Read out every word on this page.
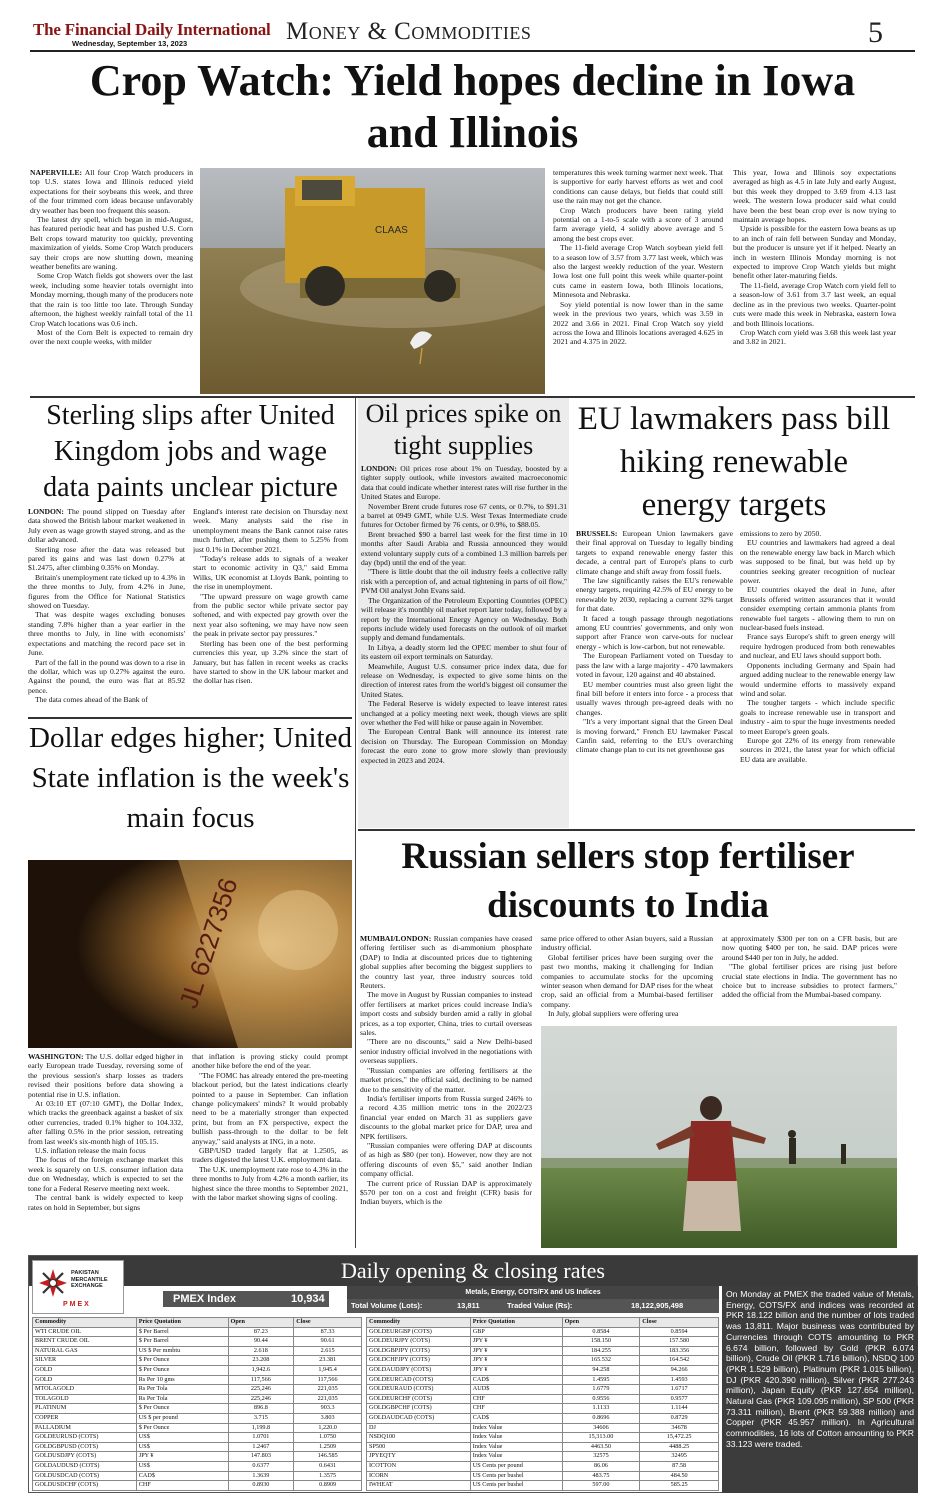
The Financial Daily International
Wednesday, September 13, 2023	Money & Commodities	5
Crop Watch: Yield hopes decline in Iowa
and Illinois

NAPERVILLE: All four Crop Watch producers in top U.S. states Iowa and Illinois reduced yield expectations for their soybeans this week, and three of the four trimmed corn ideas because unfavorably dry weather has been too frequent this season.

The latest dry spell, which began in mid-August, has featured periodic heat and has pushed U.S. Corn Belt crops toward maturity too quickly, preventing maximization of yields. Some Crop Watch producers say their crops are now shutting down, meaning weather benefits are waning.

Some Crop Watch fields got showers over the last week, including some heavier totals overnight into Monday morning, though many of the producers note that the rain is too little too late. Through Sunday afternoon, the highest weekly rainfall total of the 11 Crop Watch locations was 0.6 inch.

Most of the Corn Belt is expected to remain dry over the next couple weeks, with milder

CLAAS

temperatures this week turning warmer next week. That is supportive for early harvest efforts as wet and cool conditions can cause delays, but fields that could still use the rain may not get the chance.

Crop Watch producers have been rating yield potential on a 1-to-5 scale with a score of 3 around farm average yield, 4 solidly above average and 5 among the best crops ever.

The 11-field average Crop Watch soybean yield fell to a season low of 3.57 from 3.77 last week, which was also the largest weekly reduction of the year. Western Iowa lost one full point this week while quarter-point cuts came in eastern Iowa, both Illinois locations, Minnesota and Nebraska.

Soy yield potential is now lower than in the same week in the previous two years, which was 3.59 in 2022 and 3.66 in 2021. Final Crop Watch soy yield across the Iowa and Illinois locations averaged 4.625 in 2021 and 4.375 in 2022.

This year, Iowa and Illinois soy expectations averaged as high as 4.5 in late July and early August, but this week they dropped to 3.69 from 4.13 last week. The western Iowa producer said what could have been the best bean crop ever is now trying to maintain average hopes.

Upside is possible for the eastern Iowa beans as up to an inch of rain fell between Sunday and Monday, but the producer is unsure yet if it helped. Nearly an inch in western Illinois Monday morning is not expected to improve Crop Watch yields but might benefit other later-maturing fields.

The 11-field, average Crop Watch corn yield fell to a season-low of 3.61 from 3.7 last week, an equal decline as in the previous two weeks. Quarter-point cuts were made this week in Nebraska, eastern Iowa and both Illinois locations.

Crop Watch corn yield was 3.68 this week last year and 3.82 in 2021.

Sterling slips after United Kingdom jobs and wage data paints unclear picture

LONDON: The pound slipped on Tuesday after data showed the British labour market weakened in July even as wage growth stayed strong, and as the dollar advanced.

Sterling rose after the data was released but pared its gains and was last down 0.27% at $1.2475, after climbing 0.35% on Monday.

Britain's unemployment rate ticked up to 4.3% in the three months to July, from 4.2% in June, figures from the Office for National Statistics showed on Tuesday.

That was despite wages excluding bonuses standing 7.8% higher than a year earlier in the three months to July, in line with economists' expectations and matching the record pace set in June.

Part of the fall in the pound was down to a rise in the dollar, which was up 0.27% against the euro. Against the pound, the euro was flat at 85.92 pence.

The data comes ahead of the Bank of

England's interest rate decision on Thursday next week. Many analysts said the rise in unemployment means the Bank cannot raise rates much further, after pushing them to 5.25% from just 0.1% in December 2021.

"Today's release adds to signals of a weaker start to economic activity in Q3," said Emma Wilks, UK economist at Lloyds Bank, pointing to the rise in unemployment.

"The upward pressure on wage growth came from the public sector while private sector pay softened, and with expected pay growth over the next year also softening, we may have now seen the peak in private sector pay pressures."

Sterling has been one of the best performing currencies this year, up 3.2% since the start of January, but has fallen in recent weeks as cracks have started to show in the UK labour market and the dollar has risen.

Oil prices spike on tight supplies

LONDON: Oil prices rose about 1% on Tuesday, boosted by a tighter supply outlook, while investors awaited macroeconomic data that could indicate whether interest rates will rise further in the United States and Europe.

November Brent crude futures rose 67 cents, or 0.7%, to $91.31 a barrel at 0949 GMT, while U.S. West Texas Intermediate crude futures for October firmed by 76 cents, or 0.9%, to $88.05.

Brent breached $90 a barrel last week for the first time in 10 months after Saudi Arabia and Russia announced they would extend voluntary supply cuts of a combined 1.3 million barrels per day (bpd) until the end of the year.

"There is little doubt that the oil industry feels a collective rally risk with a perception of, and actual tightening in parts of oil flow," PVM Oil analyst John Evans said.

The Organization of the Petroleum Exporting Countries (OPEC) will release it's monthly oil market report later today, followed by a report by the International Energy Agency on Wednesday. Both reports include widely used forecasts on the outlook of oil market supply and demand fundamentals.

In Libya, a deadly storm led the OPEC member to shut four of its eastern oil export terminals on Saturday.

Meanwhile, August U.S. consumer price index data, due for release on Wednesday, is expected to give some hints on the direction of interest rates from the world's biggest oil consumer the United States.

The Federal Reserve is widely expected to leave interest rates unchanged at a policy meeting next week, though views are split over whether the Fed will hike or pause again in November.

The European Central Bank will announce its interest rate decision on Thursday. The European Commission on Monday forecast the euro zone to grow more slowly than previously expected in 2023 and 2024.

EU lawmakers pass bill hiking renewable energy targets

BRUSSELS: European Union lawmakers gave their final approval on Tuesday to legally binding targets to expand renewable energy faster this decade, a central part of Europe's plans to curb climate change and shift away from fossil fuels.

The law significantly raises the EU's renewable energy targets, requiring 42.5% of EU energy to be renewable by 2030, replacing a current 32% target for that date.

It faced a tough passage through negotiations among EU countries' governments, and only won support after France won carve-outs for nuclear energy - which is low-carbon, but not renewable.

The European Parliament voted on Tuesday to pass the law with a large majority - 470 lawmakers voted in favour, 120 against and 40 abstained.

EU member countries must also green light the final bill before it enters into force - a process that usually waves through pre-agreed deals with no changes.

"It's a very important signal that the Green Deal is moving forward," French EU lawmaker Pascal Canfin said, referring to the EU's overarching climate change plan to cut its net greenhouse gas

emissions to zero by 2050.

EU countries and lawmakers had agreed a deal on the renewable energy law back in March which was supposed to be final, but was held up by countries seeking greater recognition of nuclear power.

EU countries okayed the deal in June, after Brussels offered written assurances that it would consider exempting certain ammonia plants from renewable fuel targets - allowing them to run on nuclear-based fuels instead.

France says Europe's shift to green energy will require hydrogen produced from both renewables and nuclear, and EU laws should support both.

Opponents including Germany and Spain had argued adding nuclear to the renewable energy law would undermine efforts to massively expand wind and solar.

The tougher targets - which include specific goals to increase renewable use in transport and industry - aim to spur the huge investments needed to meet Europe's green goals.

Europe got 22% of its energy from renewable sources in 2021, the latest year for which official EU data are available.

Dollar edges higher; United State inflation is the week's main focus
JL 6227356

WASHINGTON: The U.S. dollar edged higher in early European trade Tuesday, reversing some of the previous session's sharp losses as traders revised their positions before data showing a potential rise in U.S. inflation.

At 03:10 ET (07:10 GMT), the Dollar Index, which tracks the greenback against a basket of six other currencies, traded 0.1% higher to 104.332, after falling 0.5% in the prior session, retreating from last week's six-month high of 105.15.

U.S. inflation release the main focus

The focus of the foreign exchange market this week is squarely on U.S. consumer inflation data due on Wednesday, which is expected to set the tone for a Federal Reserve meeting next week.

The central bank is widely expected to keep rates on hold in September, but signs

that inflation is proving sticky could prompt another hike before the end of the year.

"The FOMC has already entered the pre-meeting blackout period, but the latest indications clearly pointed to a pause in September. Can inflation change policymakers' minds? It would probably need to be a materially stronger than expected print, but from an FX perspective, expect the bullish pass-through to the dollar to be felt anyway," said analysts at ING, in a note.

GBP/USD traded largely flat at 1.2505, as traders digested the latest U.K. employment data.

The U.K. unemployment rate rose to 4.3% in the three months to July from 4.2% a month earlier, its highest since the three months to September 2021, with the labor market showing signs of cooling.

Russian sellers stop fertiliser discounts to India

MUMBAI/LONDON: Russian companies have ceased offering fertiliser such as di-ammonium phosphate (DAP) to India at discounted prices due to tightening global supplies after becoming the biggest suppliers to the country last year, three industry sources told Reuters.

The move in August by Russian companies to instead offer fertilisers at market prices could increase India's import costs and subsidy burden amid a rally in global prices, as a top exporter, China, tries to curtail overseas sales.

"There are no discounts," said a New Delhi-based senior industry official involved in the negotiations with overseas suppliers.

"Russian companies are offering fertilisers at the market prices," the official said, declining to be named due to the sensitivity of the matter.

India's fertiliser imports from Russia surged 246% to a record 4.35 million metric tons in the 2022/23 financial year ended on March 31 as suppliers gave discounts to the global market price for DAP, urea and NPK fertilisers.

"Russian companies were offering DAP at discounts of as high as $80 (per ton). However, now they are not offering discounts of even $5," said another Indian company official.

The current price of Russian DAP is approximately $570 per ton on a cost and freight (CFR) basis for Indian buyers, which is the

same price offered to other Asian buyers, said a Russian industry official.

Global fertiliser prices have been surging over the past two months, making it challenging for Indian companies to accumulate stocks for the upcoming winter season when demand for DAP rises for the wheat crop, said an official from a Mumbai-based fertiliser company.

In July, global suppliers were offering urea

at approximately $300 per ton on a CFR basis, but are now quoting $400 per ton, he said. DAP prices were around $440 per ton in July, he added.

"The global fertiliser prices are rising just before crucial state elections in India. The government has no choice but to increase subsidies to protect farmers," added the official from the Mumbai-based company.

Daily opening & closing rates
PAKISTAN
MERCANTILE
EXCHANGE
PMEX	PMEX Index	10,934
Metals, Energy, COTS/FX and US Indices
Total Volume (Lots):	13,811	Traded Value (Rs):	18,122,905,498
Commodity	Price Quotation	Open	Close
WTI CRUDE OIL	$ Per Barrel	87.23	87.33
BRENT CRUDE OIL	$ Per Barrel	90.44	90.61
NATURAL GAS	US $ Per mmbtu	2.618	2.615
SILVER	$ Per Ounce	23.208	23.381
GOLD	$ Per Ounce	1,942.6	1,945.4
GOLD	Rs Per 10 gms	117,566	117,566
MTOLAGOLD	Rs Per Tola	225,246	221,035
TOLAGOLD	Rs Per Tola	225,246	221,035
PLATINUM	$ Per Ounce	896.8	903.3
COPPER	US $ per pound	3.715	3.803
PALLADIUM	$ Per Ounce	1,199.8	1,220.0
GOLDEURUSD (COTS)	US$	1.0701	1.0750
GOLDGBPUSD (COTS)	US$	1.2467	1.2509
GOLDUSDJPY (COTS)	JPY ¥	147.803	146.585
GOLDAUDUSD (COTS)	US$	0.6377	0.6431
GOLDUSDCAD (COTS)	CAD$	1.3639	1.3575
GOLDUSDCHF (COTS)	CHF	0.8930	0.8909
Commodity	Price Quotation	Open	Close
GOLDEURGBP (COTS)	GBP	0.8584	0.8594
GOLDEURJPY (COTS)	JPY ¥	158.150	157.580
GOLDGBPJPY (COTS)	JPY ¥	184.255	183.356
GOLDCHFJPY (COTS)	JPY ¥	165.532	164.542
GOLDAUDJPY (COTS)	JPY ¥	94.258	94.266
GOLDEURCAD (COTS)	CAD$	1.4595	1.4593
GOLDEURAUD (COTS)	AUD$	1.6779	1.6717
GOLDEURCHF (COTS)	CHF	0.9556	0.9577
GOLDGBPCHF (COTS)	CHF	1.1133	1.1144
GOLDAUDCAD (COTS)	CAD$	0.8696	0.8729
DJ	Index Value	34606	34678
NSDQ100	Index Value	15,313.00	15,472.25
SP500	Index Value	4463.50	4488.25
JPYEQTY	Index Value	32575	32495
ICOTTON	US Cents per pound	86.06	87.58
ICORN	US Cents per bushel	483.75	484.50
IWHEAT	US Cents per bushel	597.00	585.25
On Monday at PMEX the traded value of Metals, Energy, COTS/FX and indices was recorded at PKR 18.122 billion and the number of lots traded was 13,811. Major business was contributed by Currencies through COTS amounting to PKR 6.674 billion, followed by Gold (PKR 6.074 billion), Crude Oil (PKR 1.716 billion), NSDQ 100 (PKR 1.529 billion), Platinum (PKR 1.015 billion), DJ (PKR 420.390 million), Silver (PKR 277.243 million), Japan Equity (PKR 127.654 million), Natural Gas (PKR 109.095 million), SP 500 (PKR 73.311 million), Brent (PKR 59.388 million) and Copper (PKR 45.957 million). In Agricultural commodities, 16 lots of Cotton amounting to PKR 33.123 were traded.
